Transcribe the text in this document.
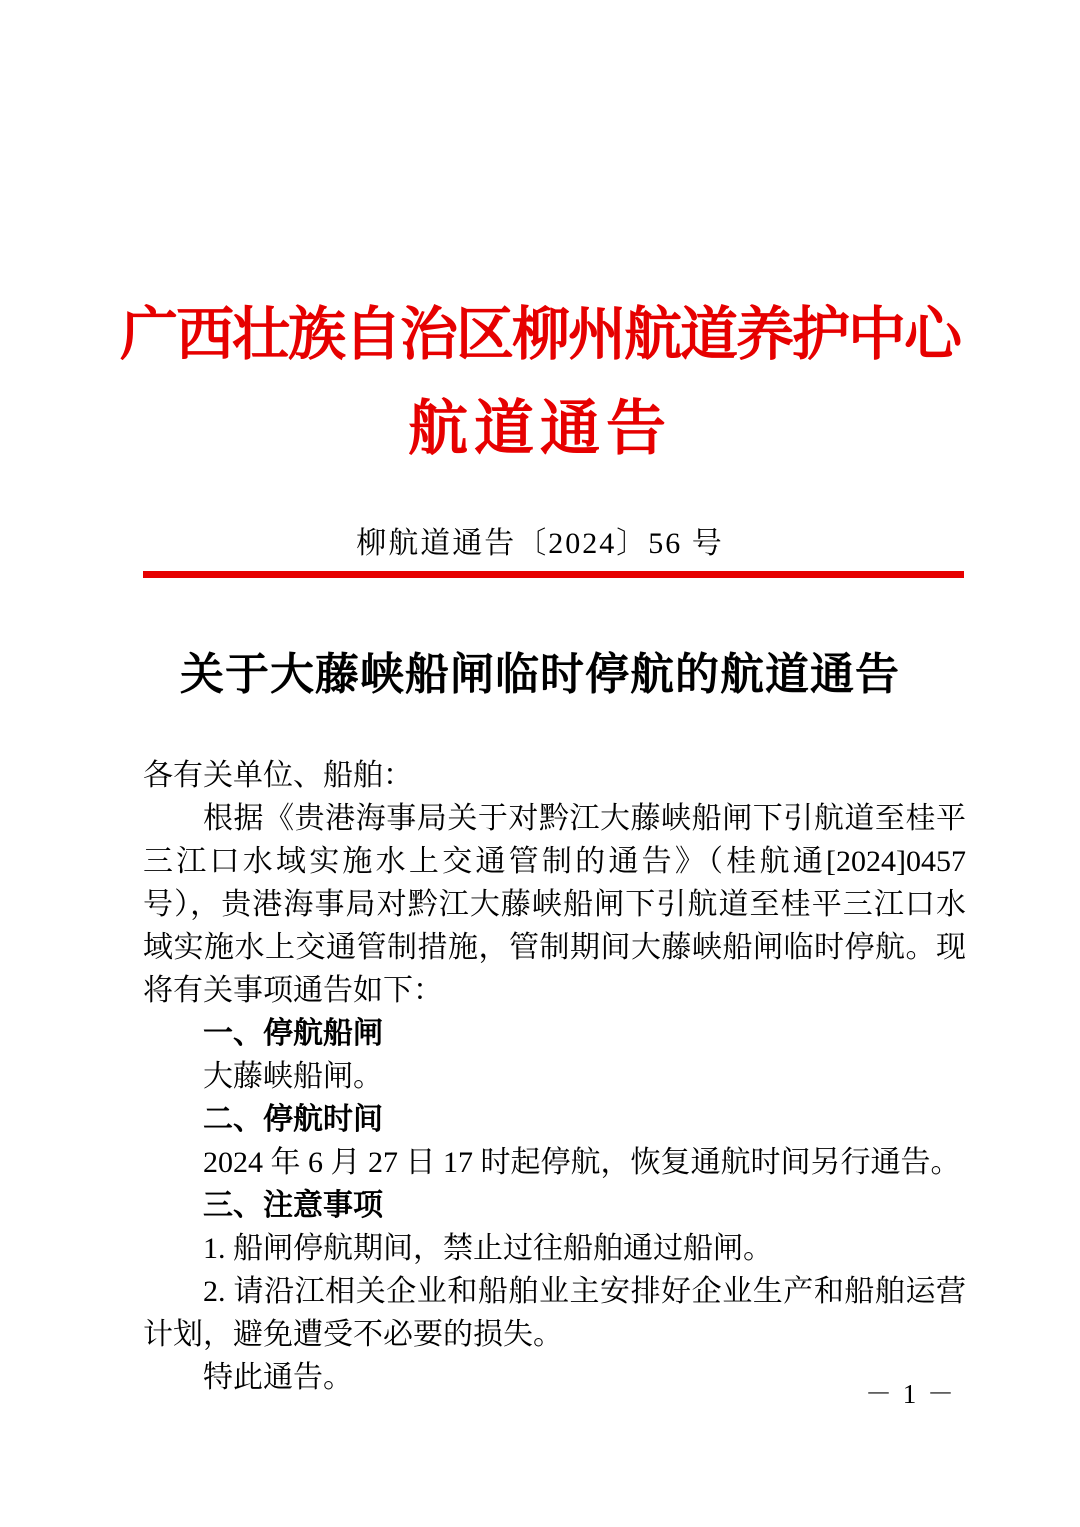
广西壮族自治区柳州航道养护中心
航道通告
柳航道通告〔2024〕56 号
关于大藤峡船闸临时停航的航道通告

各有关单位、船舶：

根据《贵港海事局关于对黔江大藤峡船闸下引航道至桂平三江口水域实施水上交通管制的通告》（桂航通[2024]0457 号），贵港海事局对黔江大藤峡船闸下引航道至桂平三江口水域实施水上交通管制措施，管制期间大藤峡船闸临时停航。现将有关事项通告如下：

一、停航船闸

大藤峡船闸。

二、停航时间

2024 年 6 月 27 日 17 时起停航，恢复通航时间另行通告。

三、注意事项

1. 船闸停航期间，禁止过往船舶通过船闸。

2. 请沿江相关企业和船舶业主安排好企业生产和船舶运营计划，避免遭受不必要的损失。

特此通告。	－ 1 －
